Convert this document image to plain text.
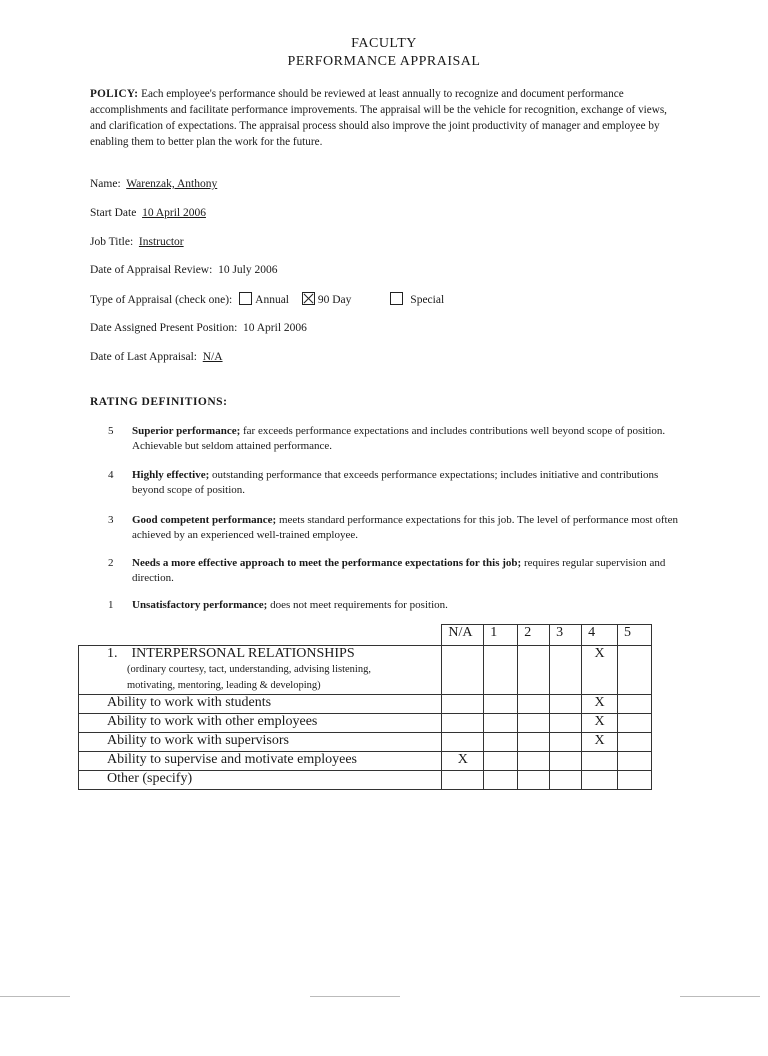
FACULTY
PERFORMANCE APPRAISAL

POLICY: Each employee's performance should be reviewed at least annually to recognize and document performance accomplishments and facilitate performance improvements. The appraisal will be the vehicle for recognition, exchange of views, and clarification of expectations. The appraisal process should also improve the joint productivity of manager and employee by enabling them to better plan the work for the future.

Name: Warenzak, Anthony
Start Date 10 April 2006
Job Title: Instructor
Date of Appraisal Review: 10 July 2006
Type of Appraisal (check one): Annual	90 Day	Special
Date Assigned Present Position: 10 April 2006
Date of Last Appraisal: N/A
RATING DEFINITIONS:
5	Superior performance; far exceeds performance expectations and includes contributions well beyond scope of position. Achievable but seldom attained performance.
4	Highly effective; outstanding performance that exceeds performance expectations; includes initiative and contributions beyond scope of position.
3	Good competent performance; meets standard performance expectations for this job. The level of performance most often achieved by an experienced well-trained employee.
2	Needs a more effective approach to meet the performance expectations for this job; requires regular supervision and direction.
1	Unsatisfactory performance; does not meet requirements for position.
	N/A	1	2	3	4	5
1. INTERPERSONAL RELATIONSHIPS
(ordinary courtesy, tact, understanding, advising listening,
motivating, mentoring, leading & developing)					X	
Ability to work with students					X	
Ability to work with other employees					X	
Ability to work with supervisors					X	
Ability to supervise and motivate employees	X					
Other (specify)						
